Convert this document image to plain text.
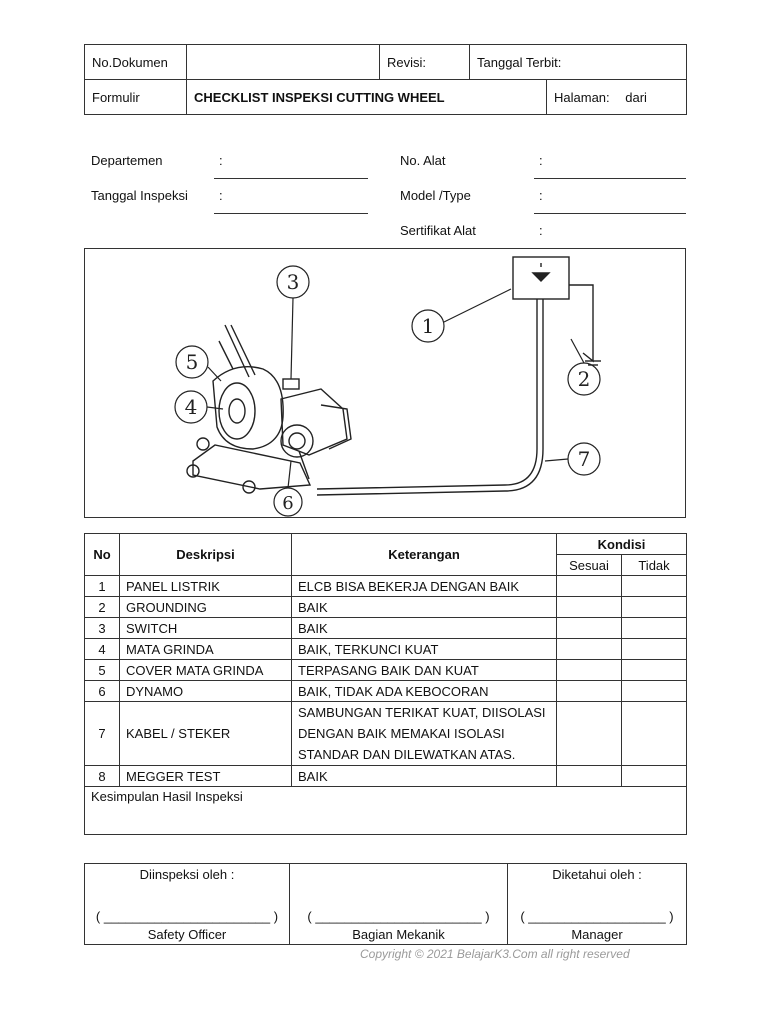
No.Dokumen		Revisi:	Tanggal Terbit:	
Formulir	CHECKLIST INSPEKSI CUTTING WHEEL			Halaman: dari
Departemen	:
Tanggal Inspeksi :
No. Alat	:
Model /Type	:
Sertifikat Alat	:
1
2
3
4
5
6
7
No	Deskripsi	Keterangan	Kondisi	
			Sesuai	Tidak
1	PANEL LISTRIK	ELCB BISA BEKERJA DENGAN BAIK		
2	GROUNDING	BAIK		
3	SWITCH	BAIK		
4	MATA GRINDA	BAIK, TERKUNCI KUAT		
5	COVER MATA GRINDA	TERPASANG BAIK DAN KUAT		
6	DYNAMO	BAIK, TIDAK ADA KEBOCORAN		
7	KABEL / STEKER	SAMBUNGAN TERIKAT KUAT, DIISOLASI
DENGAN BAIK MEMAKAI ISOLASI
STANDAR DAN DILEWATKAN ATAS.		

8	MEGGER TEST	BAIK		
Kesimpulan Hasil Inspeksi				
Diinspeksi oleh :
( _______________________ )
Safety Officer

( _______________________ )
Bagian Mekanik

Diketahui oleh :
( ___________________ )
Manager
Copyright © 2021 BelajarK3.Com all right reserved
